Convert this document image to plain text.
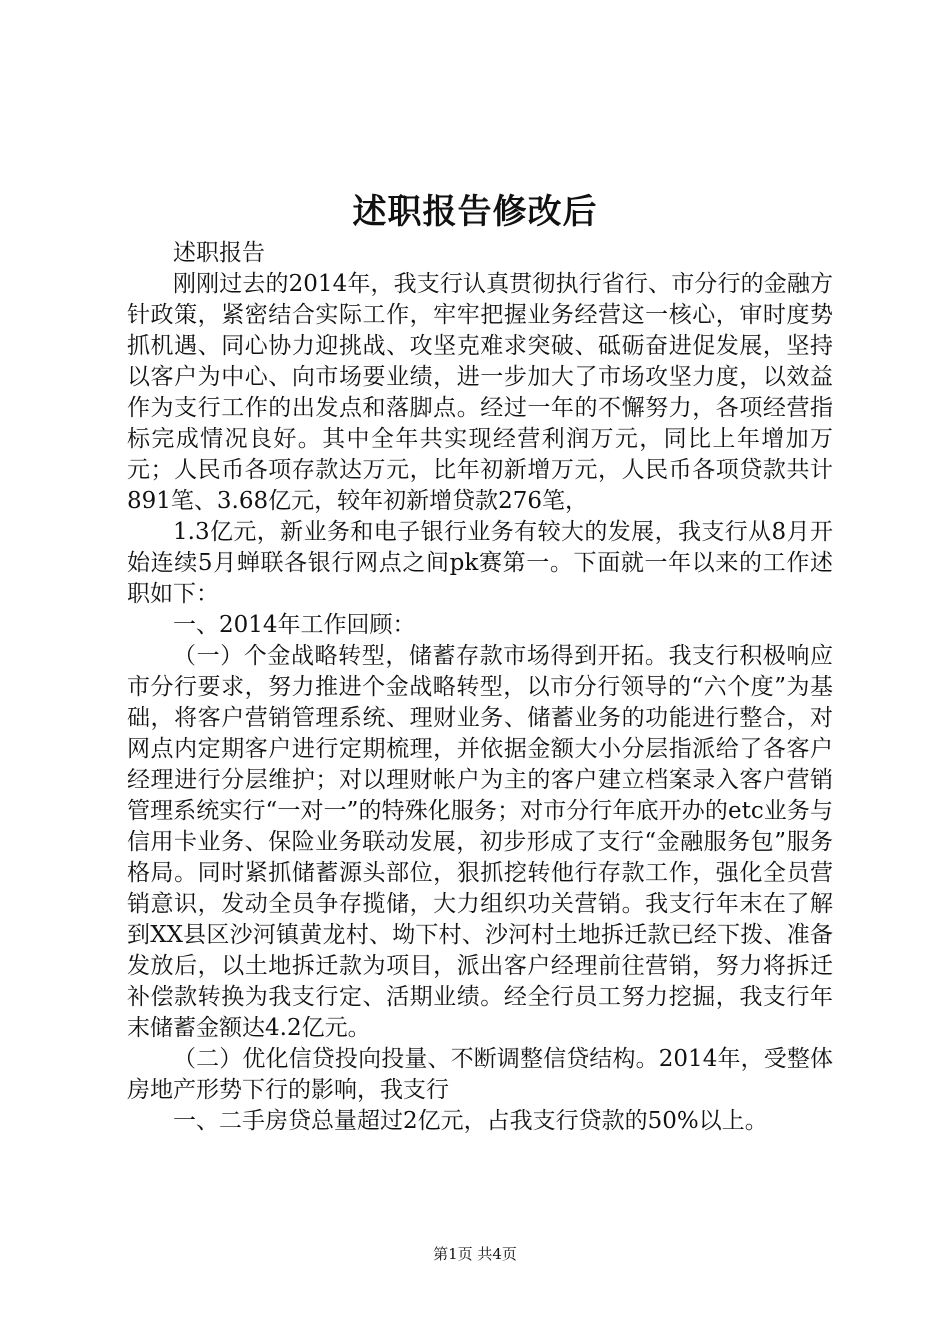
述职报告修改后

述职报告

刚刚过去的2014年，我支行认真贯彻执行省行、市分行的金融方针政策，紧密结合实际工作，牢牢把握业务经营这一核心，审时度势抓机遇、同心协力迎挑战、攻坚克难求突破、砥砺奋进促发展，坚持以客户为中心、向市场要业绩，进一步加大了市场攻坚力度，以效益作为支行工作的出发点和落脚点。经过一年的不懈努力，各项经营指标完成情况良好。其中全年共实现经营利润万元，同比上年增加万元；人民币各项存款达万元，比年初新增万元，人民币各项贷款共计891笔、3.68亿元，较年初新增贷款276笔，

1.3亿元，新业务和电子银行业务有较大的发展，我支行从8月开始连续5月蝉联各银行网点之间pk赛第一。下面就一年以来的工作述职如下：

一、2014年工作回顾：

（一）个金战略转型，储蓄存款市场得到开拓。我支行积极响应市分行要求，努力推进个金战略转型，以市分行领导的“六个度”为基础，将客户营销管理系统、理财业务、储蓄业务的功能进行整合，对网点内定期客户进行定期梳理，并依据金额大小分层指派给了各客户经理进行分层维护；对以理财帐户为主的客户建立档案录入客户营销管理系统实行“一对一”的特殊化服务；对市分行年底开办的etc业务与信用卡业务、保险业务联动发展，初步形成了支行“金融服务包”服务格局。同时紧抓储蓄源头部位，狠抓挖转他行存款工作，强化全员营销意识，发动全员争存揽储，大力组织功关营销。我支行年末在了解到XX县区沙河镇黄龙村、坳下村、沙河村土地拆迁款已经下拨、准备发放后，以土地拆迁款为项目，派出客户经理前往营销，努力将拆迁补偿款转换为我支行定、活期业绩。经全行员工努力挖掘，我支行年末储蓄金额达4.2亿元。

（二）优化信贷投向投量、不断调整信贷结构。2014年，受整体房地产形势下行的影响，我支行

一、二手房贷总量超过2亿元，占我支行贷款的50%以上。

第1页 共4页
